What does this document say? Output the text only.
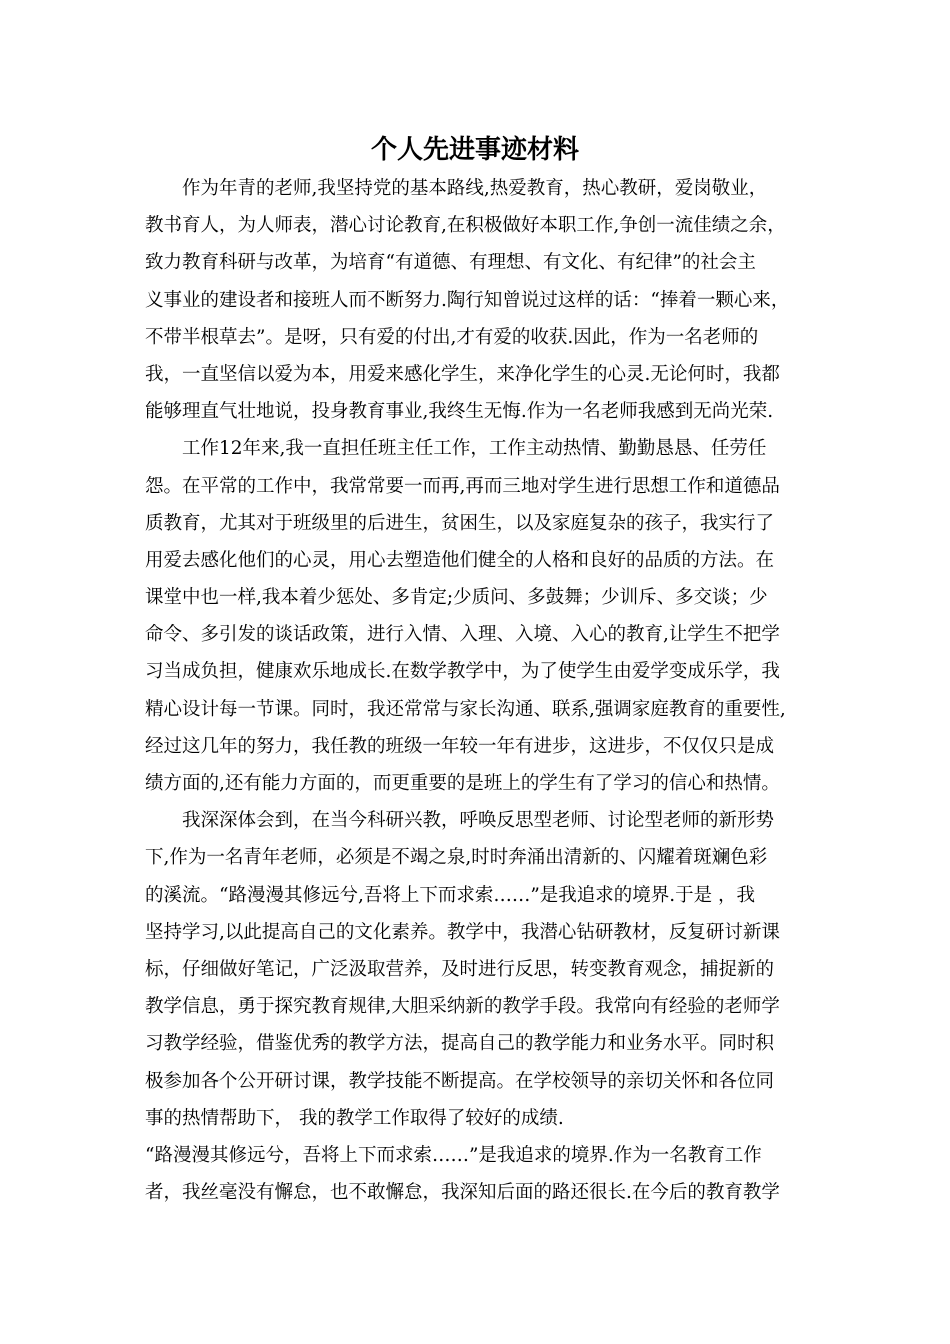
个人先进事迹材料
作为年青的老师,我坚持党的基本路线,热爱教育，热心教研，爱岗敬业，
教书育人，为人师表，潜心讨论教育,在积极做好本职工作,争创一流佳绩之余，
致力教育科研与改革，为培育“有道德、有理想、有文化、有纪律”的社会主
义事业的建设者和接班人而不断努力.陶行知曾说过这样的话：“捧着一颗心来，
不带半根草去”。是呀，只有爱的付出,才有爱的收获.因此，作为一名老师的
我，一直坚信以爱为本，用爱来感化学生，来净化学生的心灵.无论何时，我都
能够理直气壮地说，投身教育事业,我终生无悔.作为一名老师我感到无尚光荣.
工作12年来,我一直担任班主任工作，工作主动热情、勤勤恳恳、任劳任
怨。在平常的工作中，我常常要一而再,再而三地对学生进行思想工作和道德品
质教育，尤其对于班级里的后进生，贫困生，以及家庭复杂的孩子，我实行了
用爱去感化他们的心灵，用心去塑造他们健全的人格和良好的品质的方法。在
课堂中也一样,我本着少惩处、多肯定;少质问、多鼓舞；少训斥、多交谈；少
命令、多引发的谈话政策，进行入情、入理、入境、入心的教育,让学生不把学
习当成负担，健康欢乐地成长.在数学教学中，为了使学生由爱学变成乐学，我
精心设计每一节课。同时，我还常常与家长沟通、联系,强调家庭教育的重要性,
经过这几年的努力，我任教的班级一年较一年有进步，这进步，不仅仅只是成
绩方面的,还有能力方面的，而更重要的是班上的学生有了学习的信心和热情。
我深深体会到，在当今科研兴教，呼唤反思型老师、讨论型老师的新形势
下,作为一名青年老师，必须是不竭之泉,时时奔涌出清新的、闪耀着斑斓色彩
的溪流。“路漫漫其修远兮,吾将上下而求索……”是我追求的境界.于是 ，我
坚持学习,以此提高自己的文化素养。教学中，我潜心钻研教材，反复研讨新课
标，仔细做好笔记，广泛汲取营养，及时进行反思，转变教育观念，捕捉新的
教学信息，勇于探究教育规律,大胆采纳新的教学手段。我常向有经验的老师学
习教学经验，借鉴优秀的教学方法，提高自己的教学能力和业务水平。同时积
极参加各个公开研讨课，教学技能不断提高。在学校领导的亲切关怀和各位同
事的热情帮助下， 我的教学工作取得了较好的成绩.
“路漫漫其修远兮，吾将上下而求索……”是我追求的境界.作为一名教育工作
者，我丝毫没有懈怠，也不敢懈怠，我深知后面的路还很长.在今后的教育教学
